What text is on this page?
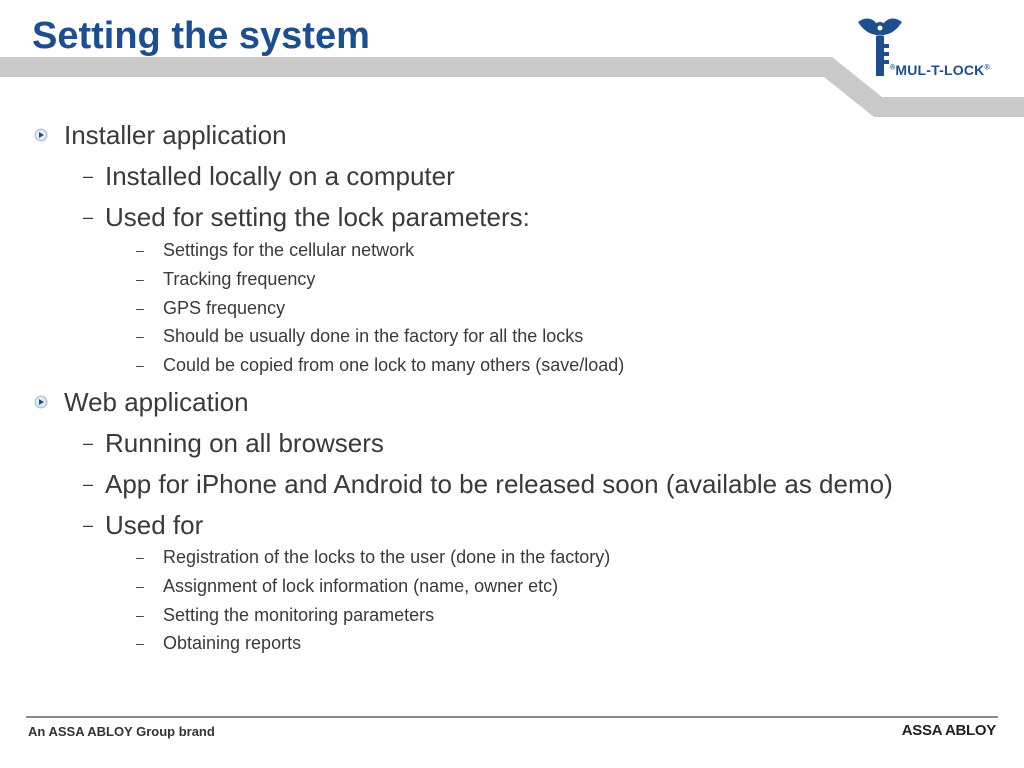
Setting the system
®MUL-T-LOCK®
Installer application
– Installed locally on a computer
– Used for setting the lock parameters:
– Settings for the cellular network
– Tracking frequency
– GPS frequency
– Should be usually done in the factory for all the locks
– Could be copied from one lock to many others (save/load)
Web application
– Running on all browsers
– App for iPhone and Android to be released soon (available as demo)
– Used for
– Registration of the locks to the user (done in the factory)
– Assignment of lock information (name, owner etc)
– Setting the monitoring parameters
– Obtaining reports
An ASSA ABLOY Group brand	ASSA ABLOY
